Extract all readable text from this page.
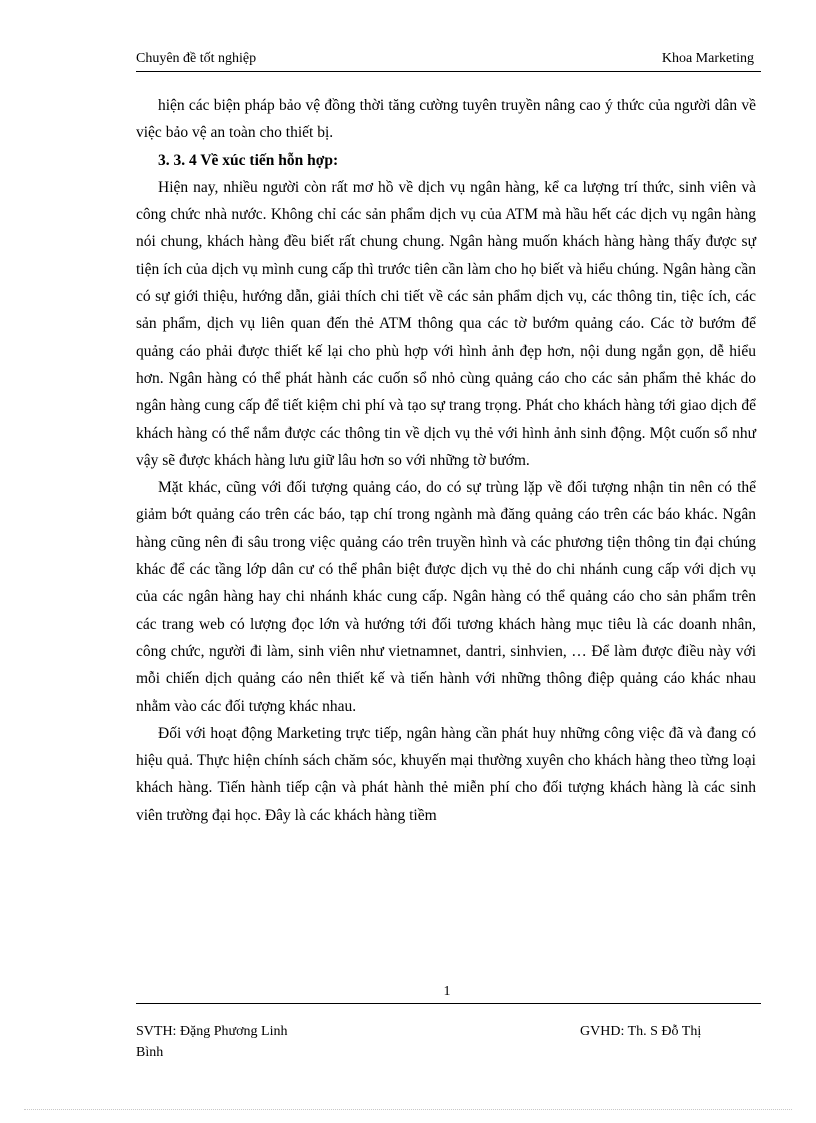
Chuyên đề tốt nghiệp	Khoa Marketing

hiện các biện pháp bảo vệ đồng thời tăng cường tuyên truyền nâng cao ý thức của người dân về việc bảo vệ an toàn cho thiết bị.

3. 3. 4 Về xúc tiến hỗn hợp:

Hiện nay, nhiều người còn rất mơ hồ về dịch vụ ngân hàng, kể ca lượng trí thức, sinh viên và công chức nhà nước. Không chỉ các sản phẩm dịch vụ của ATM mà hầu hết các dịch vụ ngân hàng nói chung, khách hàng đều biết rất chung chung. Ngân hàng muốn khách hàng hàng thấy được sự tiện ích của dịch vụ mình cung cấp thì trước tiên cần làm cho họ biết và hiểu chúng. Ngân hàng cần có sự giới thiệu, hướng dẫn, giải thích chi tiết về các sản phẩm dịch vụ, các thông tin, tiệc ích, các sản phẩm, dịch vụ liên quan đến thẻ ATM thông qua các tờ bướm quảng cáo. Các tờ bướm để quảng cáo phải được thiết kế lại cho phù hợp với hình ảnh đẹp hơn, nội dung ngắn gọn, dễ hiểu hơn. Ngân hàng có thể phát hành các cuốn sổ nhỏ cùng quảng cáo cho các sản phẩm thẻ khác do ngân hàng cung cấp để tiết kiệm chi phí và tạo sự trang trọng. Phát cho khách hàng tới giao dịch để khách hàng có thể nắm được các thông tin về dịch vụ thẻ với hình ảnh sinh động. Một cuốn sổ như vậy sẽ được khách hàng lưu giữ lâu hơn so với những tờ bướm.

Mặt khác, cũng với đối tượng quảng cáo, do có sự trùng lặp về đối tượng nhận tin nên có thể giảm bớt quảng cáo trên các báo, tạp chí trong ngành mà đăng quảng cáo trên các báo khác. Ngân hàng cũng nên đi sâu trong việc quảng cáo trên truyền hình và các phương tiện thông tin đại chúng khác để các tầng lớp dân cư có thể phân biệt được dịch vụ thẻ do chi nhánh cung cấp với dịch vụ của các ngân hàng hay chi nhánh khác cung cấp. Ngân hàng có thể quảng cáo cho sản phẩm trên các trang web có lượng đọc lớn và hướng tới đối tương khách hàng mục tiêu là các doanh nhân, công chức, người đi làm, sinh viên như vietnamnet, dantri, sinhvien, … Để làm được điều này với mỗi chiến dịch quảng cáo nên thiết kế và tiến hành với những thông điệp quảng cáo khác nhau nhằm vào các đối tượng khác nhau.

Đối với hoạt động Marketing trực tiếp, ngân hàng cần phát huy những công việc đã và đang có hiệu quả. Thực hiện chính sách chăm sóc, khuyến mại thường xuyên cho khách hàng theo từng loại khách hàng. Tiến hành tiếp cận và phát hành thẻ miễn phí cho đối tượng khách hàng là các sinh viên trường đại học. Đây là các khách hàng tiềm

1
SVTH: Đặng Phương Linh	GVHD: Th. S Đỗ Thị
Bình
